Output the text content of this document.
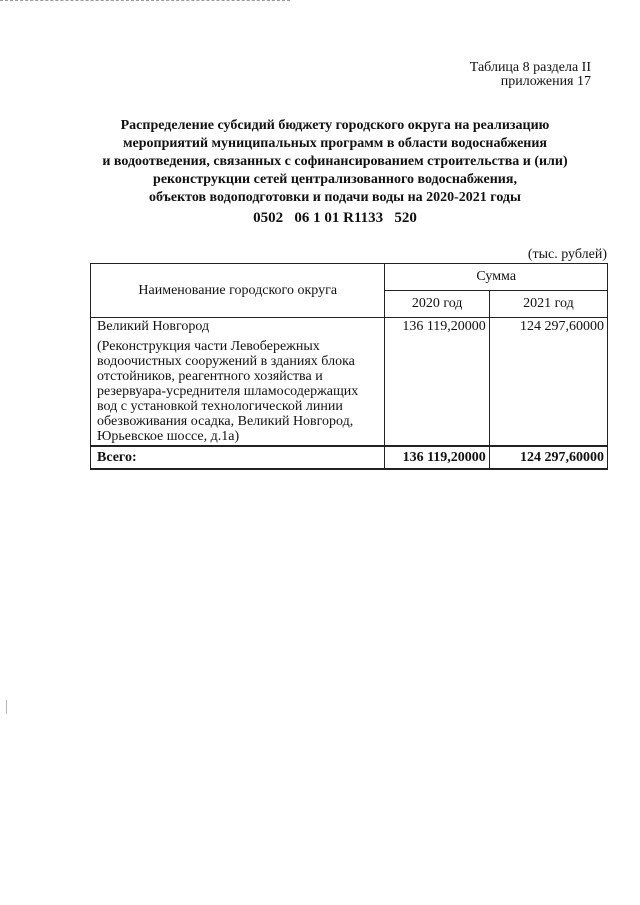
Таблица 8 раздела II
приложения 17
Распределение субсидий бюджету городского округа на реализацию
мероприятий муниципальных программ в области водоснабжения
и водоотведения, связанных с софинансированием строительства и (или)
реконструкции сетей централизованного водоснабжения,
объектов водоподготовки и подачи воды на 2020-2021 годы
0502   06 1 01 R1133   520
(тыс. рублей)
Наименование городского округа	Сумма	
	2020 год	2021 год

Великий Новгород
(Реконструкция части Левобережных водоочистных сооружений в зданиях блока отстойников, реагентного хозяйства и резервуара-усреднителя шламосодержащих вод с установкой технологической линии обезвоживания осадка, Великий Новгород, Юрьевское шоссе, д.1а)	136 119,20000	124 297,60000
Всего:	136 119,20000	124 297,60000
